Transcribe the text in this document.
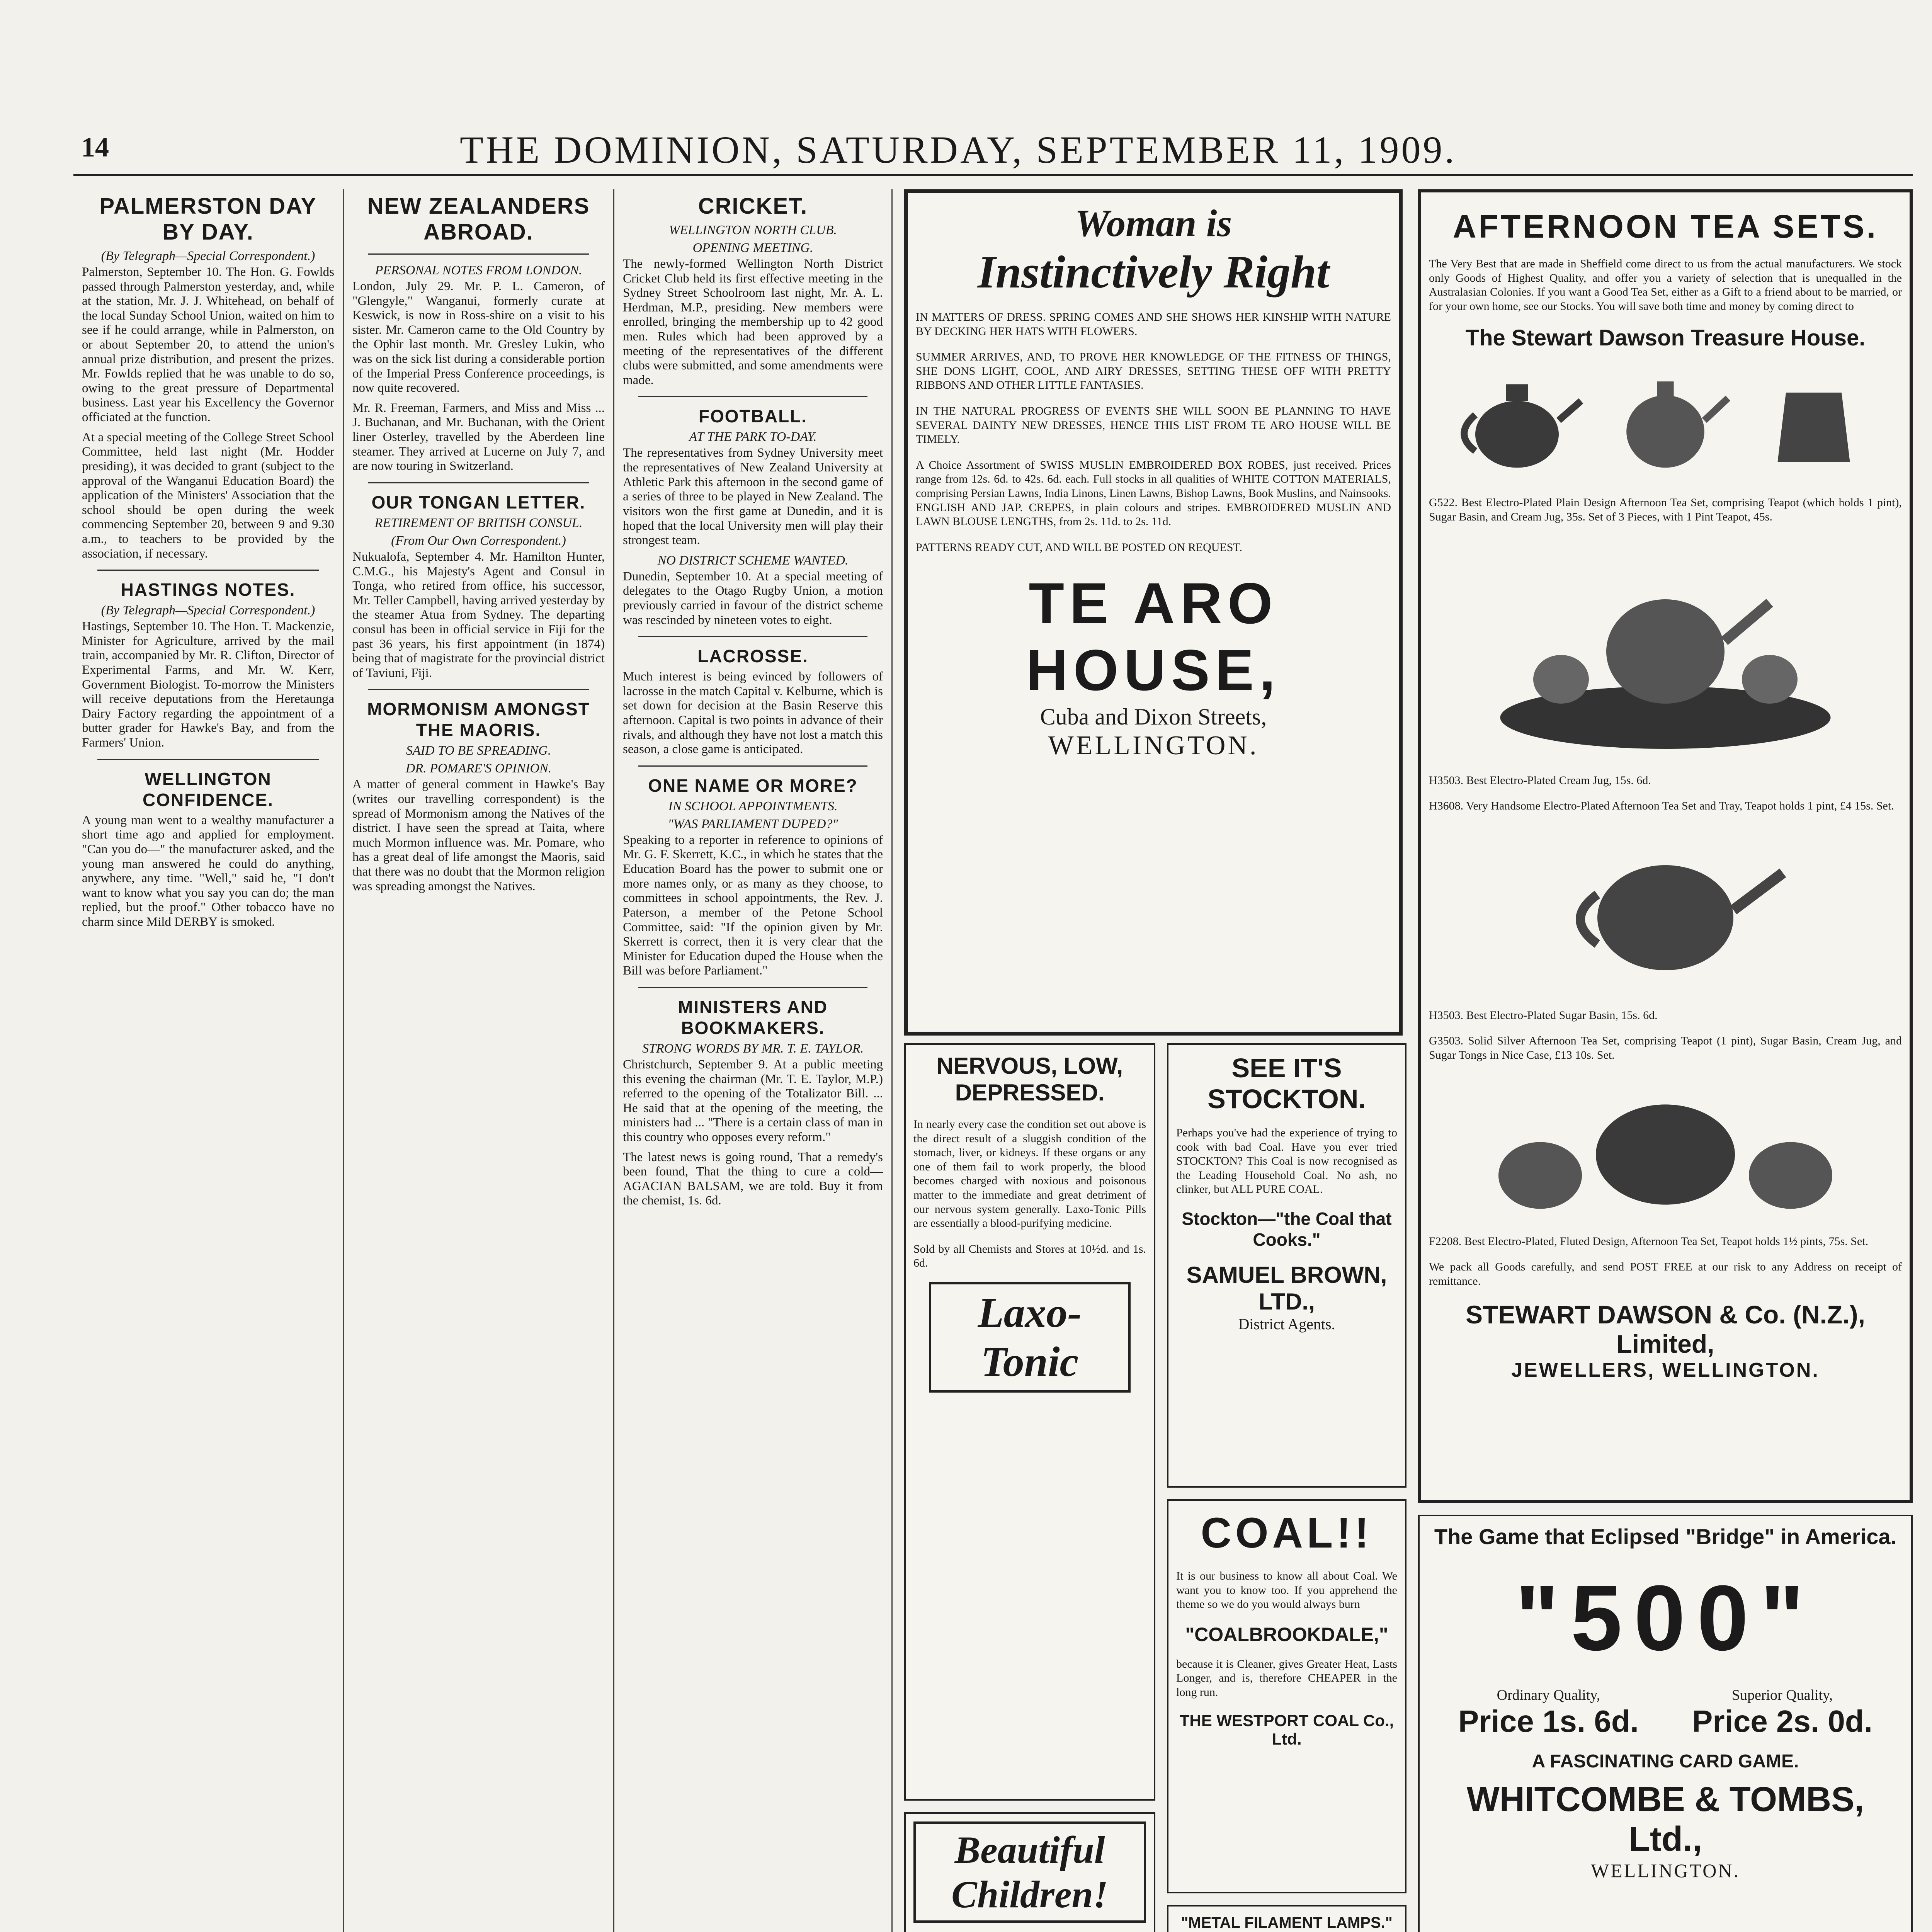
14	THE DOMINION, SATURDAY, SEPTEMBER 11, 1909.
PALMERSTON DAY BY DAY.
(By Telegraph—Special Correspondent.)

Palmerston, September 10. The Hon. G. Fowlds passed through Palmerston yesterday, and, while at the station, Mr. J. J. Whitehead, on behalf of the local Sunday School Union, waited on him to see if he could arrange, while in Palmerston, on or about September 20, to attend the union's annual prize distribution, and present the prizes. Mr. Fowlds replied that he was unable to do so, owing to the great pressure of Departmental business. Last year his Excellency the Governor officiated at the function.

At a special meeting of the College Street School Committee, held last night (Mr. Hodder presiding), it was decided to grant (subject to the approval of the Wanganui Education Board) the application of the Ministers' Association that the school should be open during the week commencing September 20, between 9 and 9.30 a.m., to teachers to be provided by the association, if necessary.

HASTINGS NOTES.
(By Telegraph—Special Correspondent.)

Hastings, September 10. The Hon. T. Mackenzie, Minister for Agriculture, arrived by the mail train, accompanied by Mr. R. Clifton, Director of Experimental Farms, and Mr. W. Kerr, Government Biologist. To-morrow the Ministers will receive deputations from the Heretaunga Dairy Factory regarding the appointment of a butter grader for Hawke's Bay, and from the Farmers' Union.

WELLINGTON CONFIDENCE.

A young man went to a wealthy manufacturer a short time ago and applied for employment. "Can you do—" the manufacturer asked, and the young man answered he could do anything, anywhere, any time. "Well," said he, "I don't want to know what you say you can do; the man replied, but the proof." Other tobacco have no charm since Mild DERBY is smoked.

NEW ZEALANDERS ABROAD.
PERSONAL NOTES FROM LONDON.

London, July 29. Mr. P. L. Cameron, of "Glengyle," Wanganui, formerly curate at Keswick, is now in Ross-shire on a visit to his sister. Mr. Cameron came to the Old Country by the Ophir last month. Mr. Gresley Lukin, who was on the sick list during a considerable portion of the Imperial Press Conference proceedings, is now quite recovered.

Mr. R. Freeman, Farmers, and Miss and Miss ... J. Buchanan, and Mr. Buchanan, with the Orient liner Osterley, travelled by the Aberdeen line steamer. They arrived at Lucerne on July 7, and are now touring in Switzerland.

OUR TONGAN LETTER.
RETIREMENT OF BRITISH CONSUL.
(From Our Own Correspondent.)

Nukualofa, September 4. Mr. Hamilton Hunter, C.M.G., his Majesty's Agent and Consul in Tonga, who retired from office, his successor, Mr. Teller Campbell, having arrived yesterday by the steamer Atua from Sydney. The departing consul has been in official service in Fiji for the past 36 years, his first appointment (in 1874) being that of magistrate for the provincial district of Taviuni, Fiji.

MORMONISM AMONGST THE MAORIS.
SAID TO BE SPREADING.
DR. POMARE'S OPINION.

A matter of general comment in Hawke's Bay (writes our travelling correspondent) is the spread of Mormonism among the Natives of the district. I have seen the spread at Taita, where much Mormon influence was. Mr. Pomare, who has a great deal of life amongst the Maoris, said that there was no doubt that the Mormon religion was spreading amongst the Natives.

CRICKET.
WELLINGTON NORTH CLUB.
OPENING MEETING.

The newly-formed Wellington North District Cricket Club held its first effective meeting in the Sydney Street Schoolroom last night, Mr. A. L. Herdman, M.P., presiding. New members were enrolled, bringing the membership up to 42 good men. Rules which had been approved by a meeting of the representatives of the different clubs were submitted, and some amendments were made.

FOOTBALL.
AT THE PARK TO-DAY.

The representatives from Sydney University meet the representatives of New Zealand University at Athletic Park this afternoon in the second game of a series of three to be played in New Zealand. The visitors won the first game at Dunedin, and it is hoped that the local University men will play their strongest team.

NO DISTRICT SCHEME WANTED.

Dunedin, September 10. At a special meeting of delegates to the Otago Rugby Union, a motion previously carried in favour of the district scheme was rescinded by nineteen votes to eight.

LACROSSE.

Much interest is being evinced by followers of lacrosse in the match Capital v. Kelburne, which is set down for decision at the Basin Reserve this afternoon. Capital is two points in advance of their rivals, and although they have not lost a match this season, a close game is anticipated.

ONE NAME OR MORE?
IN SCHOOL APPOINTMENTS.
"WAS PARLIAMENT DUPED?"

Speaking to a reporter in reference to opinions of Mr. G. F. Skerrett, K.C., in which he states that the Education Board has the power to submit one or more names only, or as many as they choose, to committees in school appointments, the Rev. J. Paterson, a member of the Petone School Committee, said: "If the opinion given by Mr. Skerrett is correct, then it is very clear that the Minister for Education duped the House when the Bill was before Parliament."

MINISTERS AND BOOKMAKERS.
STRONG WORDS BY MR. T. E. TAYLOR.

Christchurch, September 9. At a public meeting this evening the chairman (Mr. T. E. Taylor, M.P.) referred to the opening of the Totalizator Bill. ... He said that at the opening of the meeting, the ministers had ... "There is a certain class of man in this country who opposes every reform."

The latest news is going round, That a remedy's been found, That the thing to cure a cold— AGACIAN BALSAM, we are told. Buy it from the chemist, 1s. 6d.

Woman is
Instinctively Right

IN MATTERS OF DRESS. SPRING COMES AND SHE SHOWS HER KINSHIP WITH NATURE BY DECKING HER HATS WITH FLOWERS.

SUMMER ARRIVES, AND, TO PROVE HER KNOWLEDGE OF THE FITNESS OF THINGS, SHE DONS LIGHT, COOL, AND AIRY DRESSES, SETTING THESE OFF WITH PRETTY RIBBONS AND OTHER LITTLE FANTASIES.

IN THE NATURAL PROGRESS OF EVENTS SHE WILL SOON BE PLANNING TO HAVE SEVERAL DAINTY NEW DRESSES, HENCE THIS LIST FROM TE ARO HOUSE WILL BE TIMELY.

A Choice Assortment of SWISS MUSLIN EMBROIDERED BOX ROBES, just received. Prices range from 12s. 6d. to 42s. 6d. each. Full stocks in all qualities of WHITE COTTON MATERIALS, comprising Persian Lawns, India Linons, Linen Lawns, Bishop Lawns, Book Muslins, and Nainsooks. ENGLISH AND JAP. CREPES, in plain colours and stripes. EMBROIDERED MUSLIN AND LAWN BLOUSE LENGTHS, from 2s. 11d. to 2s. 11d.

PATTERNS READY CUT, AND WILL BE POSTED ON REQUEST.

TE ARO HOUSE,
Cuba and Dixon Streets,
WELLINGTON.
AFTERNOON TEA SETS.

The Very Best that are made in Sheffield come direct to us from the actual manufacturers. We stock only Goods of Highest Quality, and offer you a variety of selection that is unequalled in the Australasian Colonies. If you want a Good Tea Set, either as a Gift to a friend about to be married, or for your own home, see our Stocks. You will save both time and money by coming direct to

The Stewart Dawson Treasure House.

G522. Best Electro-Plated Plain Design Afternoon Tea Set, comprising Teapot (which holds 1 pint), Sugar Basin, and Cream Jug, 35s. Set of 3 Pieces, with 1 Pint Teapot, 45s.

H3503. Best Electro-Plated Cream Jug, 15s. 6d.

H3608. Very Handsome Electro-Plated Afternoon Tea Set and Tray, Teapot holds 1 pint, £4 15s. Set.

H3503. Best Electro-Plated Sugar Basin, 15s. 6d.

G3503. Solid Silver Afternoon Tea Set, comprising Teapot (1 pint), Sugar Basin, Cream Jug, and Sugar Tongs in Nice Case, £13 10s. Set.

F2208. Best Electro-Plated, Fluted Design, Afternoon Tea Set, Teapot holds 1½ pints, 75s. Set.

We pack all Goods carefully, and send POST FREE at our risk to any Address on receipt of remittance.

STEWART DAWSON & Co. (N.Z.), Limited,
JEWELLERS, WELLINGTON.
NERVOUS, LOW, DEPRESSED.

In nearly every case the condition set out above is the direct result of a sluggish condition of the stomach, liver, or kidneys. If these organs or any one of them fail to work properly, the blood becomes charged with noxious and poisonous matter to the immediate and great detriment of our nervous system generally. Laxo-Tonic Pills are essentially a blood-purifying medicine.

Sold by all Chemists and Stores at 10½d. and 1s. 6d.

Laxo-Tonic
SEE IT'S STOCKTON.

Perhaps you've had the experience of trying to cook with bad Coal. Have you ever tried STOCKTON? This Coal is now recognised as the Leading Household Coal. No ash, no clinker, but ALL PURE COAL.

Stockton—"the Coal that Cooks."
SAMUEL BROWN, LTD.,
District Agents.
COAL!!

It is our business to know all about Coal. We want you to know too. If you apprehend the theme so we do you would always burn

"COALBROOKDALE,"

because it is Cleaner, gives Greater Heat, Lasts Longer, and is, therefore CHEAPER in the long run.

THE WESTPORT COAL Co., Ltd.
Beautiful Children!

"METAL FILAMENT LAMPS."

The Game that Eclipsed "Bridge" in America.
"500"
Ordinary Quality,
Price 1s. 6d.
Superior Quality,
Price 2s. 0d.
A FASCINATING CARD GAME.
WHITCOMBE & TOMBS, Ltd.,
WELLINGTON.
